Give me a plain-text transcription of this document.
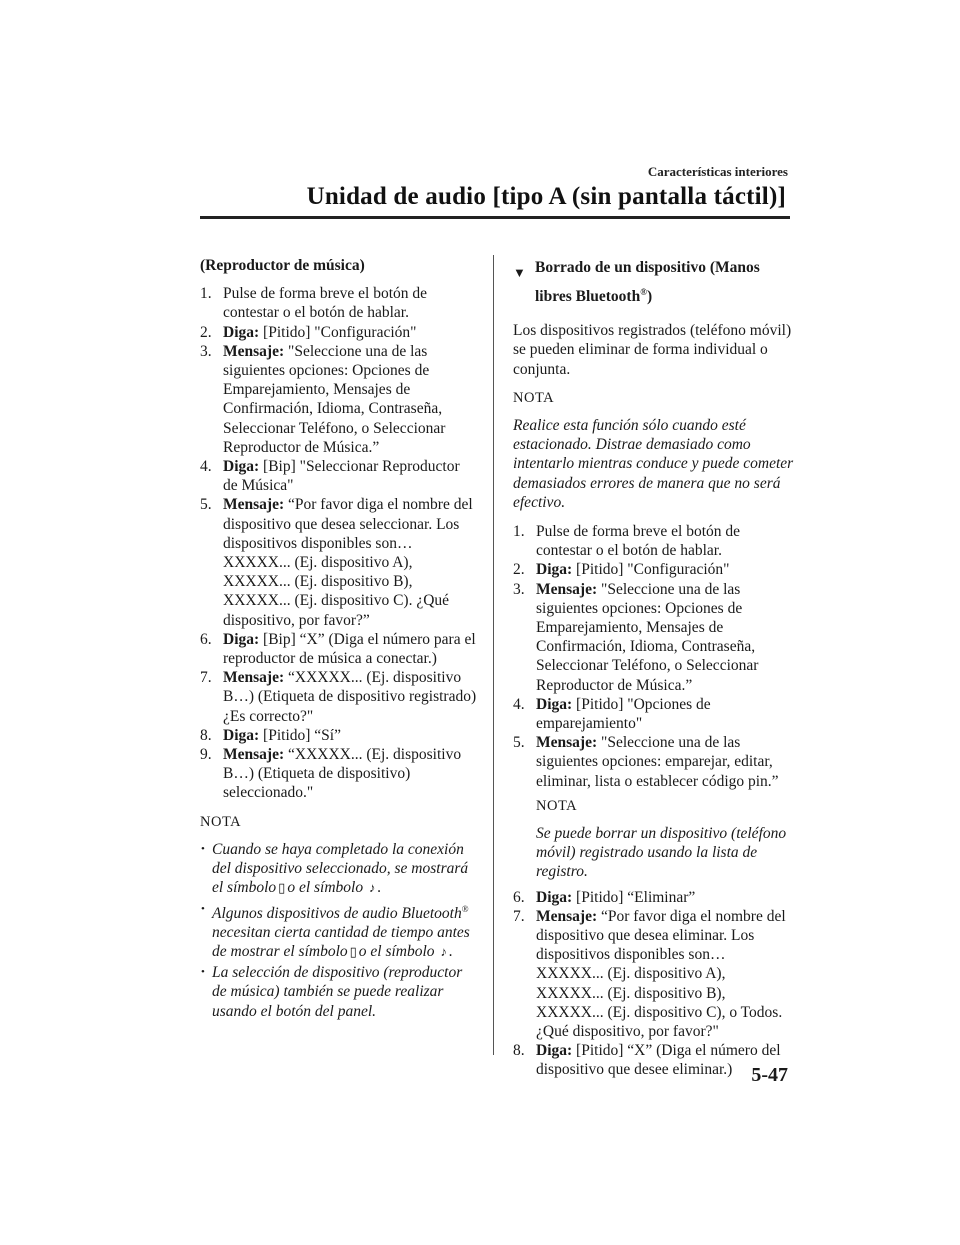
Características interiores
Unidad de audio [tipo A (sin pantalla táctil)]
(Reproductor de música)
1. Pulse de forma breve el botón de contestar o el botón de hablar.
2. Diga: [Pitido] "Configuración"
3. Mensaje: "Seleccione una de las siguientes opciones: Opciones de Emparejamiento, Mensajes de Confirmación, Idioma, Contraseña, Seleccionar Teléfono, o Seleccionar Reproductor de Música.”
4. Diga: [Bip] "Seleccionar Reproductor de Música"
5. Mensaje: “Por favor diga el nombre del dispositivo que desea seleccionar. Los dispositivos disponibles son… XXXXX... (Ej. dispositivo A), XXXXX... (Ej. dispositivo B), XXXXX... (Ej. dispositivo C). ¿Qué dispositivo, por favor?”
6. Diga: [Bip] “X” (Diga el número para el reproductor de música a conectar.)
7. Mensaje: “XXXXX... (Ej. dispositivo B…) (Etiqueta de dispositivo registrado) ¿Es correcto?"
8. Diga: [Pitido] “Sí”
9. Mensaje: “XXXXX... (Ej. dispositivo B…) (Etiqueta de dispositivo) seleccionado."
NOTA
• Cuando se haya completado la conexión del dispositivo seleccionado, se mostrará el símbolo ▯ o el símbolo ♪ .
• Algunos dispositivos de audio Bluetooth® necesitan cierta cantidad de tiempo antes de mostrar el símbolo ▯ o el símbolo ♪ .
• La selección de dispositivo (reproductor de música) también se puede realizar usando el botón del panel.
▼ Borrado de un dispositivo (Manos libres Bluetooth®)
Los dispositivos registrados (teléfono móvil) se pueden eliminar de forma individual o conjunta.
NOTA
Realice esta función sólo cuando esté estacionado. Distrae demasiado como intentarlo mientras conduce y puede cometer demasiados errores de manera que no será efectivo.
1. Pulse de forma breve el botón de contestar o el botón de hablar.
2. Diga: [Pitido] "Configuración"
3. Mensaje: "Seleccione una de las siguientes opciones: Opciones de Emparejamiento, Mensajes de Confirmación, Idioma, Contraseña, Seleccionar Teléfono, o Seleccionar Reproductor de Música.”
4. Diga: [Pitido] "Opciones de emparejamiento"
5. Mensaje: "Seleccione una de las siguientes opciones: emparejar, editar, eliminar, lista o establecer código pin.”
NOTA
Se puede borrar un dispositivo (teléfono móvil) registrado usando la lista de registro.
6. Diga: [Pitido] “Eliminar”
7. Mensaje: “Por favor diga el nombre del dispositivo que desea eliminar. Los dispositivos disponibles son… XXXXX... (Ej. dispositivo A), XXXXX... (Ej. dispositivo B), XXXXX... (Ej. dispositivo C), o Todos. ¿Qué dispositivo, por favor?"
8. Diga: [Pitido] “X” (Diga el número del dispositivo que desee eliminar.) 5-47
